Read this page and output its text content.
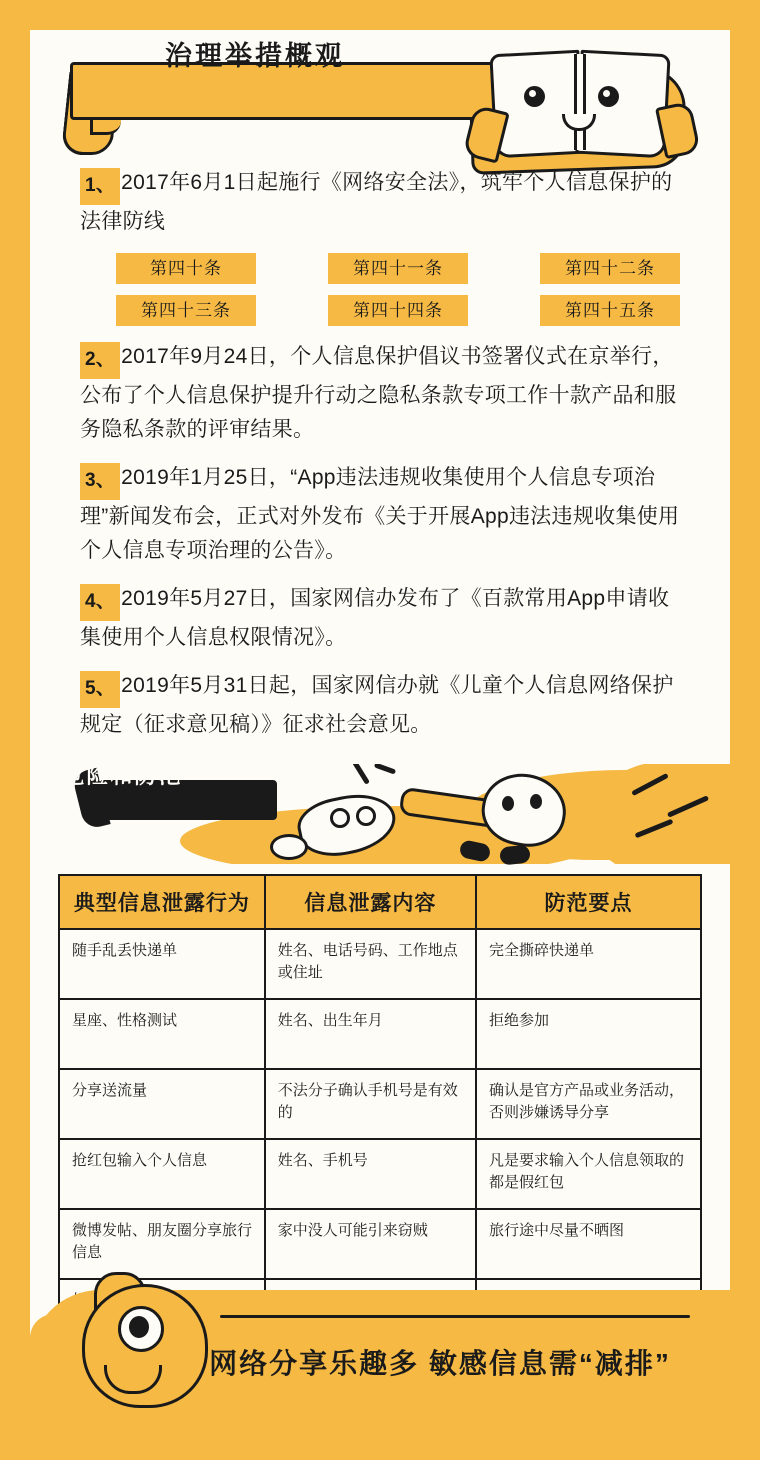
治理举措概观
1、 2017年6月1日起施行《网络安全法》，筑牢个人信息保护的法律防线
第四十条	第四十一条	第四十二条
第四十三条	第四十四条	第四十五条
2、 2017年9月24日，个人信息保护倡议书签署仪式在京举行，公布了个人信息保护提升行动之隐私条款专项工作十款产品和服务隐私条款的评审结果。
3、 2019年1月25日，“App违法违规收集使用个人信息专项治理”新闻发布会，正式对外发布《关于开展App违法违规收集使用个人信息专项治理的公告》。
4、 2019年5月27日，国家网信办发布了《百款常用App申请收集使用个人信息权限情况》。
5、 2019年5月31日起，国家网信办就《儿童个人信息网络保护规定（征求意见稿）》征求社会意见。
危险和防范
典型信息泄露行为	信息泄露内容	防范要点
随手乱丢快递单	姓名、电话号码、工作地点或住址	完全撕碎快递单
星座、性格测试	姓名、出生年月	拒绝参加
分享送流量	不法分子确认手机号是有效的	确认是官方产品或业务活动，否则涉嫌诱导分享
抢红包输入个人信息	姓名、手机号	凡是要求输入个人信息领取的都是假红包
微博发帖、朋友圈分享旅行信息	家中没人可能引来窃贼	旅行途中尽量不晒图

网络分享乐趣多 敏感信息需“减排”
